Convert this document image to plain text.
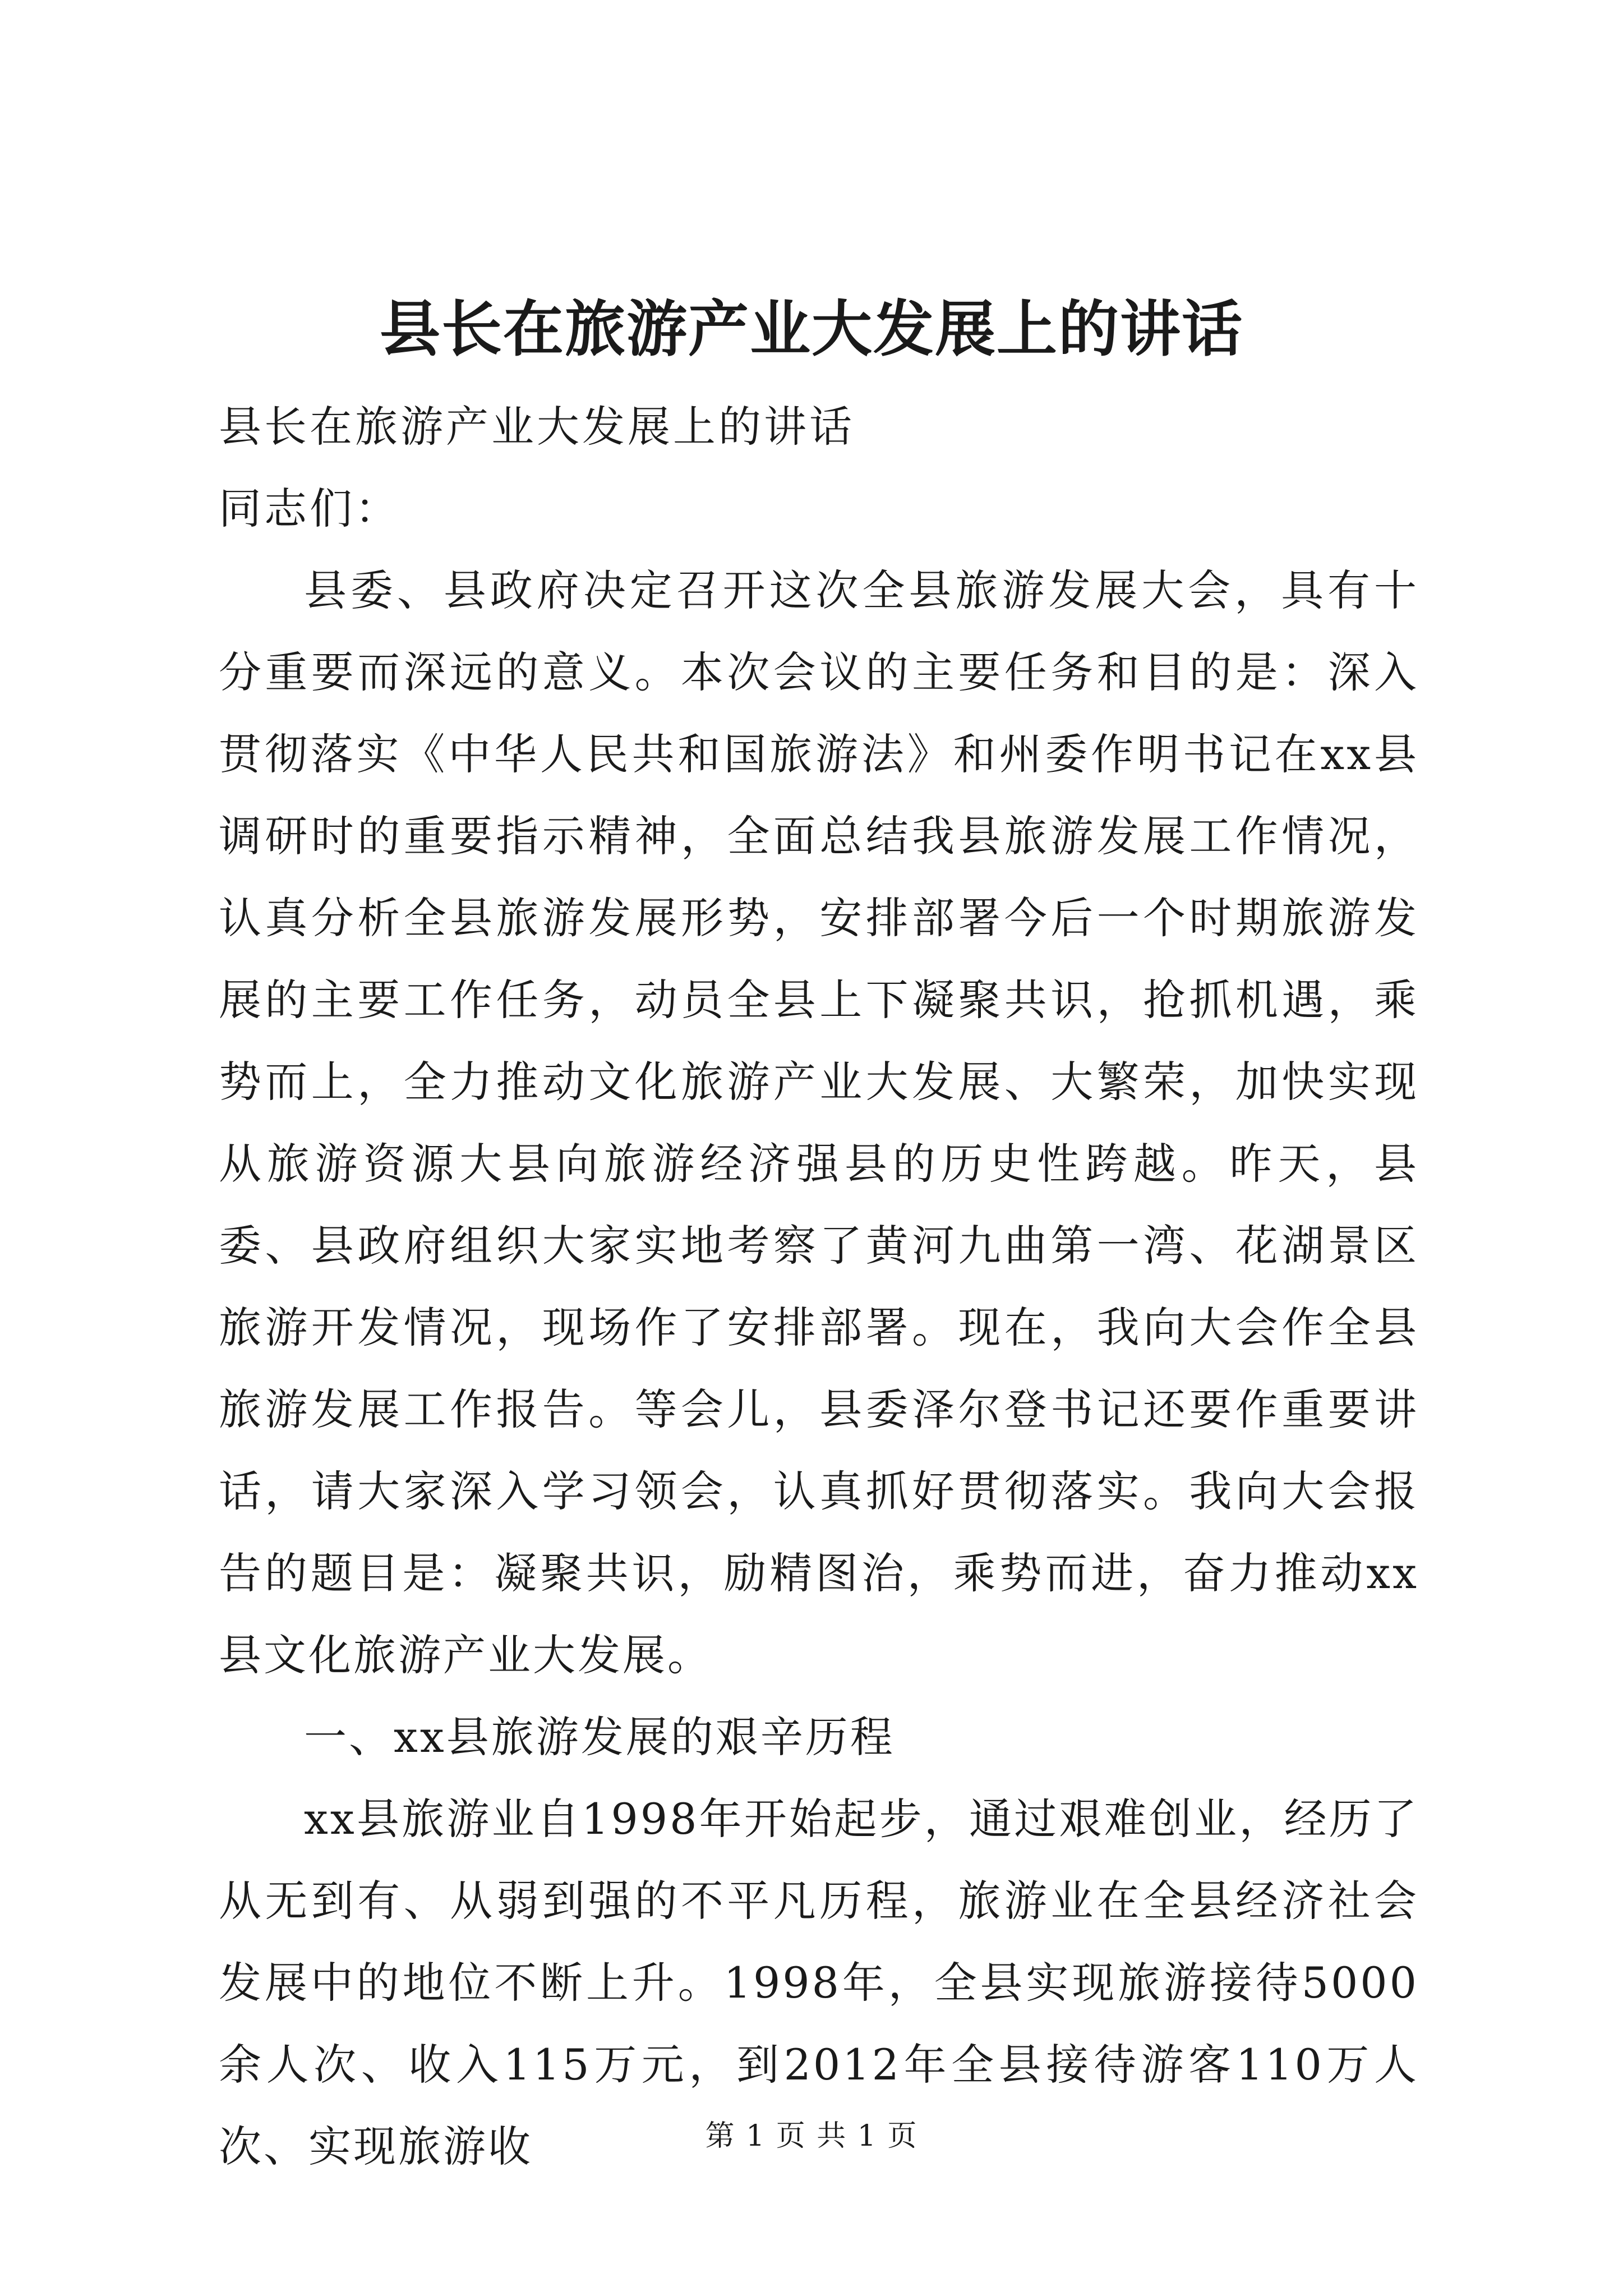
县长在旅游产业大发展上的讲话
县长在旅游产业大发展上的讲话
同志们：

县委、县政府决定召开这次全县旅游发展大会，具有十分重要而深远的意义。本次会议的主要任务和目的是：深入贯彻落实《中华人民共和国旅游法》和州委作明书记在xx县调研时的重要指示精神，全面总结我县旅游发展工作情况，认真分析全县旅游发展形势，安排部署今后一个时期旅游发展的主要工作任务，动员全县上下凝聚共识，抢抓机遇，乘势而上，全力推动文化旅游产业大发展、大繁荣，加快实现从旅游资源大县向旅游经济强县的历史性跨越。昨天，县委、县政府组织大家实地考察了黄河九曲第一湾、花湖景区旅游开发情况，现场作了安排部署。现在，我向大会作全县旅游发展工作报告。等会儿，县委泽尔登书记还要作重要讲话，请大家深入学习领会，认真抓好贯彻落实。我向大会报告的题目是：凝聚共识，励精图治，乘势而进，奋力推动xx县文化旅游产业大发展。

一、xx县旅游发展的艰辛历程

xx县旅游业自1998年开始起步，通过艰难创业，经历了从无到有、从弱到强的不平凡历程，旅游业在全县经济社会发展中的地位不断上升。1998年，全县实现旅游接待5000余人次、收入115万元，到2012年全县接待游客110万人次、实现旅游收	第 1 页 共 1 页
